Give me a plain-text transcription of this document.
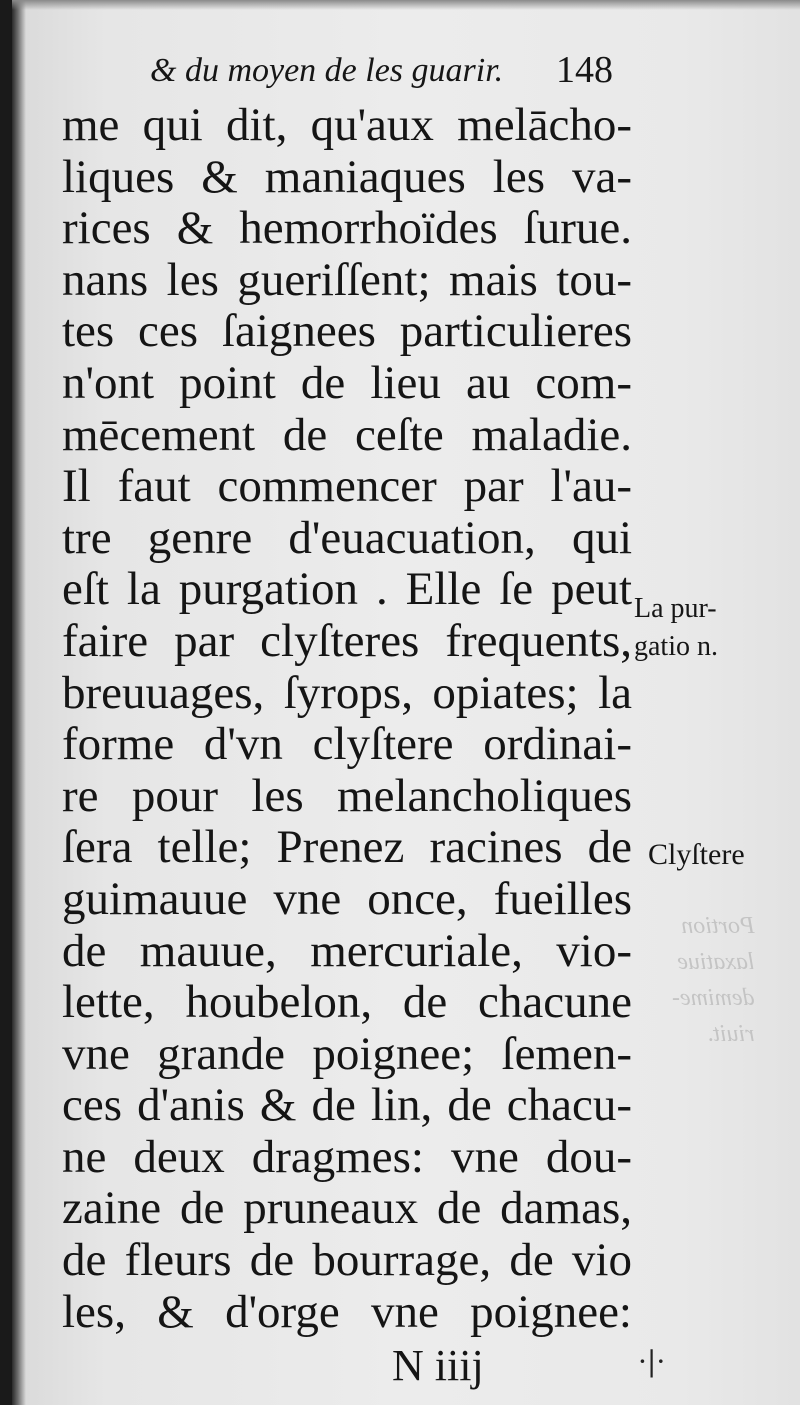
& du moyen de les guarir. 148
me qui dit, qu'aux melācho-
liques & maniaques les va-
rices & hemorrhoïdes ſurue.
nans les gueriſſent; mais tou-
tes ces ſaignees particulieres
n'ont point de lieu au com-
mēcement de ceſte maladie.
Il faut commencer par l'au-
tre genre d'euacuation, qui
eſt la purgation . Elle ſe peut
faire par clyſteres frequents,
breuuages, ſyrops, opiates; la
forme d'vn clyſtere ordinai-
re pour les melancholiques
ſera telle; Prenez racines de
guimauue vne once, fueilles
de mauue, mercuriale, vio-
lette, houbelon, de chacune
vne grande poignee; ſemen-
ces d'anis & de lin, de chacu-
ne deux dragmes: vne dou-
zaine de pruneaux de damas,
de fleurs de bourrage, de vio
les, & d'orge vne poignee:
La pur-
gatio n.
Clyſtere
Portion
laxatiue
demime-
riuit.
N iiij	·|·
